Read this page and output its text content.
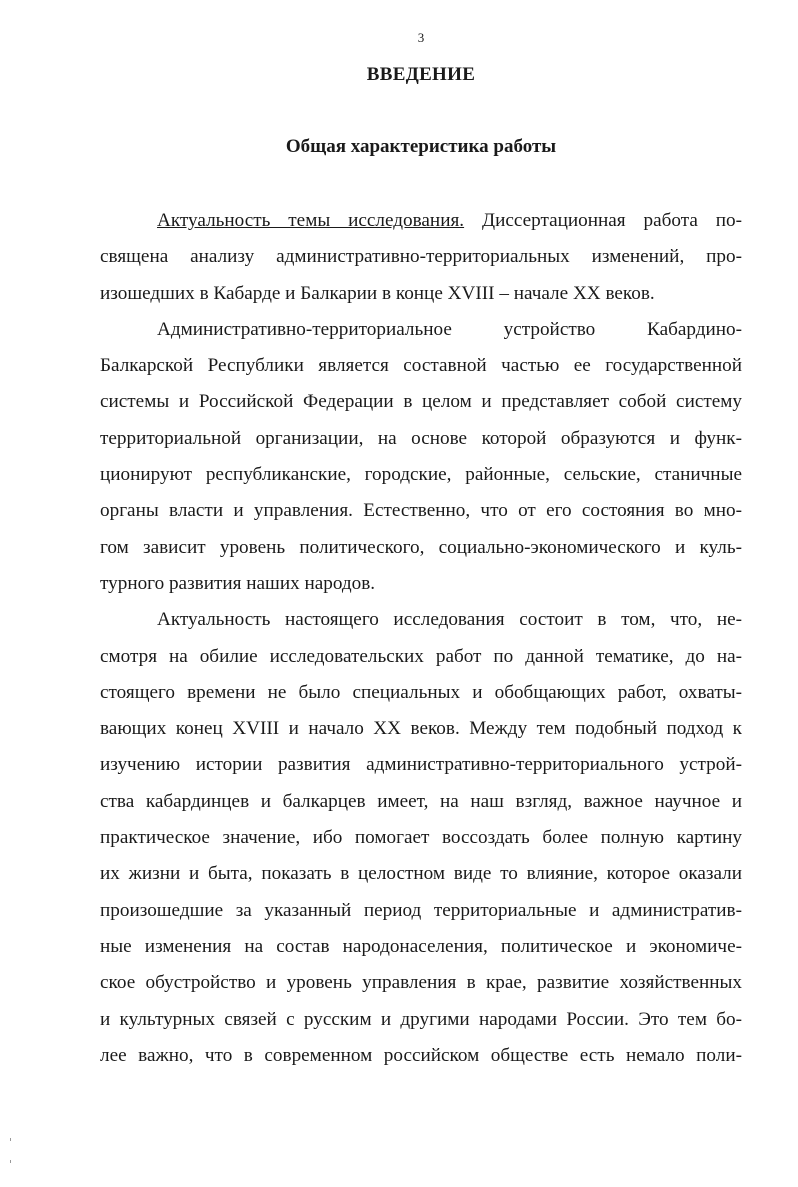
3
ВВЕДЕНИЕ
Общая характеристика работы
Актуальность темы исследования. Диссертационная работа по-
священа анализу административно-территориальных изменений, про-
изошедших в Кабарде и Балкарии в конце XVIII – начале XX веков.
Административно-территориальное устройство Кабардино-
Балкарской Республики является составной частью ее государственной
системы и Российской Федерации в целом и представляет собой систему
территориальной организации, на основе которой образуются и функ-
ционируют республиканские, городские, районные, сельские, станичные
органы власти и управления. Естественно, что от его состояния во мно-
гом зависит уровень политического, социально-экономического и куль-
турного развития наших народов.
Актуальность настоящего исследования состоит в том, что, не-
смотря на обилие исследовательских работ по данной тематике, до на-
стоящего времени не было специальных и обобщающих работ, охваты-
вающих конец XVIII и начало XX веков. Между тем подобный подход к
изучению истории развития административно-территориального устрой-
ства кабардинцев и балкарцев имеет, на наш взгляд, важное научное и
практическое значение, ибо помогает воссоздать более полную картину
их жизни и быта, показать в целостном виде то влияние, которое оказали
произошедшие за указанный период территориальные и административ-
ные изменения на состав народонаселения, политическое и экономиче-
ское обустройство и уровень управления в крае, развитие хозяйственных
и культурных связей с русским и другими народами России. Это тем бо-
лее важно, что в современном российском обществе есть немало поли-
